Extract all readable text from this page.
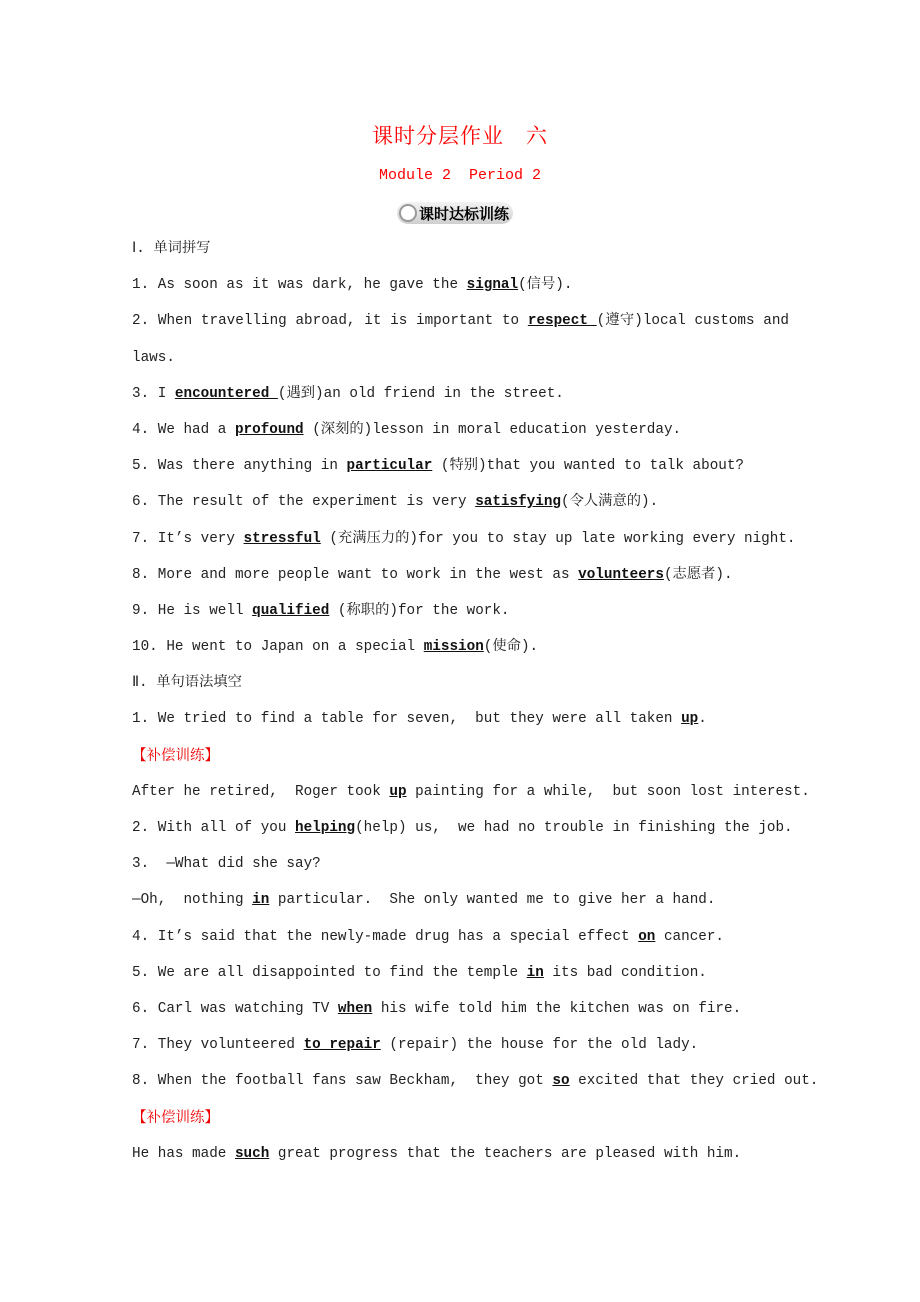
课时分层作业　六
Module 2  Period 2
课时达标训练
Ⅰ. 单词拼写
1. As soon as it was dark, he gave the signal(信号).
2. When travelling abroad, it is important to respect (遵守)local customs and
laws.
3. I encountered (遇到)an old friend in the street.
4. We had a profound (深刻的)lesson in moral education yesterday.
5. Was there anything in particular (特别)that you wanted to talk about?
6. The result of the experiment is very satisfying(令人满意的).
7. It’s very stressful (充满压力的)for you to stay up late working every night.
8. More and more people want to work in the west as volunteers(志愿者).
9. He is well qualified (称职的)for the work.
10. He went to Japan on a special mission(使命).
Ⅱ. 单句语法填空
1. We tried to find a table for seven,  but they were all taken up.
【补偿训练】
After he retired,  Roger took up painting for a while,  but soon lost interest.
2. With all of you helping(help) us,  we had no trouble in finishing the job.
3.  —What did she say?
—Oh,  nothing in particular.  She only wanted me to give her a hand.
4. It’s said that the newly-made drug has a special effect on cancer.
5. We are all disappointed to find the temple in its bad condition.
6. Carl was watching TV when his wife told him the kitchen was on fire.
7. They volunteered to repair (repair) the house for the old lady.
8. When the football fans saw Beckham,  they got so excited that they cried out.
【补偿训练】
He has made such great progress that the teachers are pleased with him.
